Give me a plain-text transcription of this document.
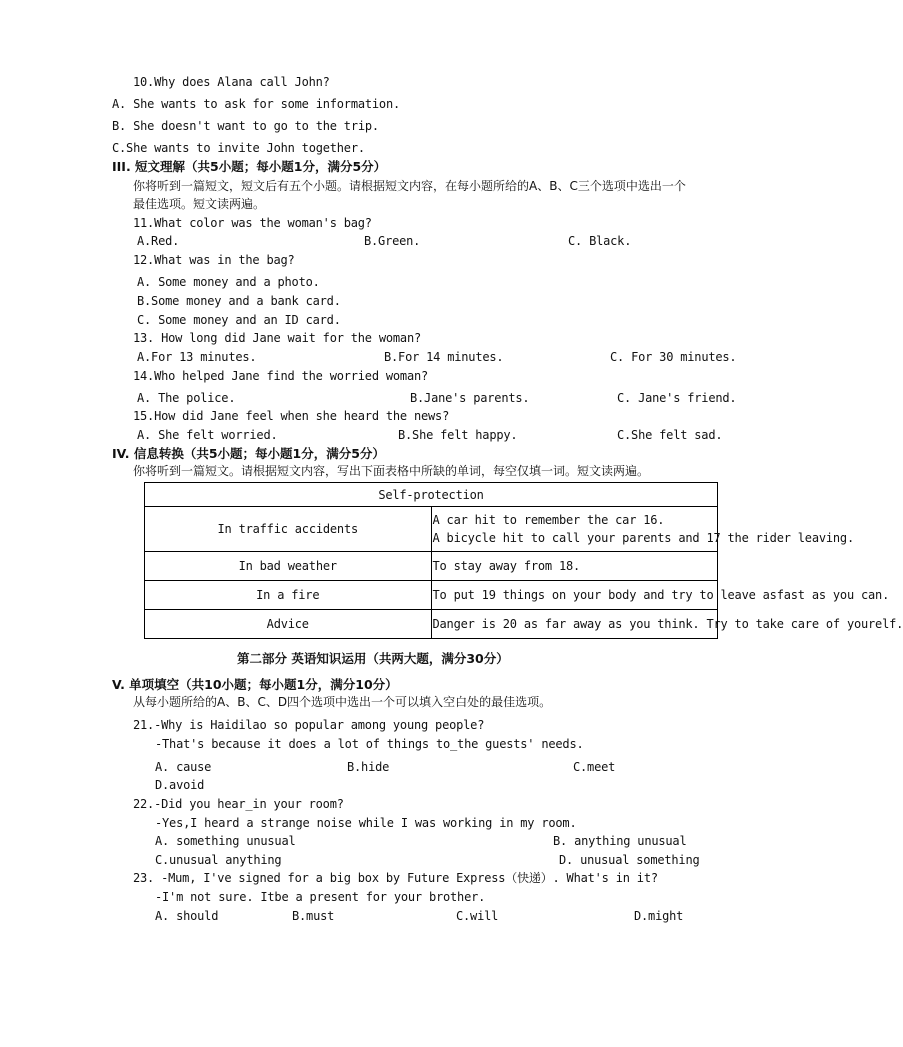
10.Why does Alana call John?
A. She wants to ask for some information.
B. She doesn't want to go to the trip.
C.She wants to invite John together.
III. 短文理解（共5小题；每小题1分，满分5分）
你将听到一篇短文，短文后有五个小题。请根据短文内容，在每小题所给的A、B、C三个选项中选出一个
最佳选项。短文读两遍。
11.What color was the woman's bag?
A.Red.	B.Green.	C. Black.
12.What was in the bag?
A. Some money and a photo.
B.Some money and a bank card.
C. Some money and an ID card.
13. How long did Jane wait for the woman?
A.For 13 minutes.	B.For 14 minutes.	C. For 30 minutes.
14.Who helped Jane find the worried woman?
A. The police.	B.Jane's parents.	C. Jane's friend.
15.How did Jane feel when she heard the news?
A. She felt worried.	B.She felt happy.	C.She felt sad.
IV. 信息转换（共5小题；每小题1分，满分5分）
你将听到一篇短文。请根据短文内容，写出下面表格中所缺的单词，每空仅填一词。短文读两遍。
Self-protection	
In traffic accidents	A car hit to remember the car 16.
A bicycle hit to call your parents and 17 the rider leaving.

In bad weather	To stay away from 18.

In a fire	To put 19 things on your body and try to leave asfast as you can.

Advice	Danger is 20 as far away as you think. Try to take care of yourelf.
第二部分 英语知识运用（共两大题，满分30分）
V. 单项填空（共10小题；每小题1分，满分10分）
从每小题所给的A、B、C、D四个选项中选出一个可以填入空白处的最佳选项。
21.-Why is Haidilao so popular among young people?
-That's because it does a lot of things to_the guests' needs.
A. cause	B.hide	C.meet
D.avoid
22.-Did you hear_in your room?
-Yes,I heard a strange noise while I was working in my room.
A. something unusual	B. anything unusual
C.unusual anything	D. unusual something
23. -Mum, I've signed for a big box by Future Express（快递）. What's in it?
-I'm not sure. Itbe a present for your brother.
A. should	B.must	C.will	D.might
